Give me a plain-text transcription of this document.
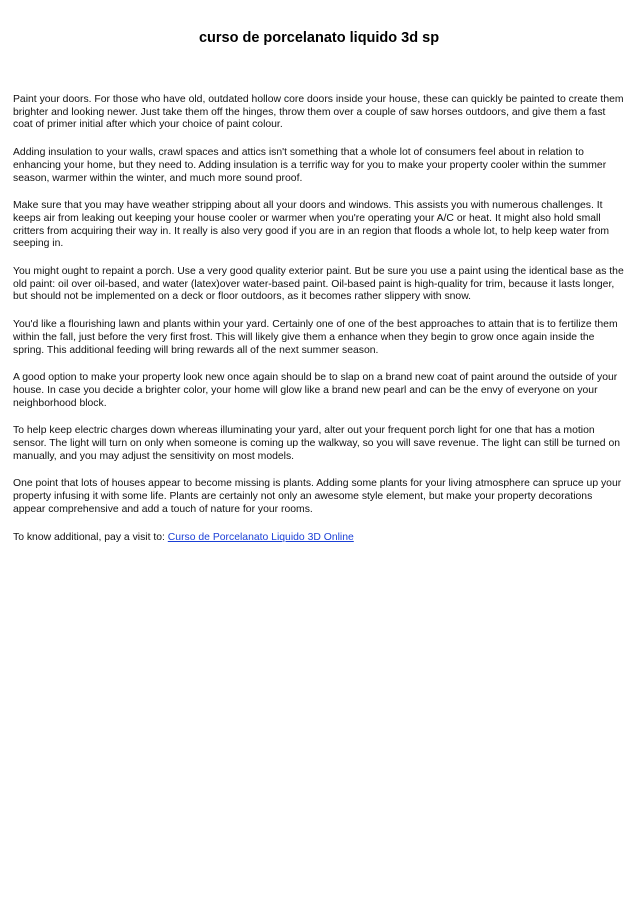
curso de porcelanato liquido 3d sp

Paint your doors. For those who have old, outdated hollow core doors inside your house, these can quickly be painted to create them brighter and looking newer. Just take them off the hinges, throw them over a couple of saw horses outdoors, and give them a fast coat of primer initial after which your choice of paint colour.

Adding insulation to your walls, crawl spaces and attics isn't something that a whole lot of consumers feel about in relation to enhancing your home, but they need to. Adding insulation is a terrific way for you to make your property cooler within the summer season, warmer within the winter, and much more sound proof.

Make sure that you may have weather stripping about all your doors and windows. This assists you with numerous challenges. It keeps air from leaking out keeping your house cooler or warmer when you're operating your A/C or heat. It might also hold small critters from acquiring their way in. It really is also very good if you are in an region that floods a whole lot, to help keep water from seeping in.

You might ought to repaint a porch. Use a very good quality exterior paint. But be sure you use a paint using the identical base as the old paint: oil over oil-based, and water (latex)over water-based paint. Oil-based paint is high-quality for trim, because it lasts longer, but should not be implemented on a deck or floor outdoors, as it becomes rather slippery with snow.

You'd like a flourishing lawn and plants within your yard. Certainly one of one of the best approaches to attain that is to fertilize them within the fall, just before the very first frost. This will likely give them a enhance when they begin to grow once again inside the spring. This additional feeding will bring rewards all of the next summer season.

A good option to make your property look new once again should be to slap on a brand new coat of paint around the outside of your house. In case you decide a brighter color, your home will glow like a brand new pearl and can be the envy of everyone on your neighborhood block.

To help keep electric charges down whereas illuminating your yard, alter out your frequent porch light for one that has a motion sensor. The light will turn on only when someone is coming up the walkway, so you will save revenue. The light can still be turned on manually, and you may adjust the sensitivity on most models.

One point that lots of houses appear to become missing is plants. Adding some plants for your living atmosphere can spruce up your property infusing it with some life. Plants are certainly not only an awesome style element, but make your property decorations appear comprehensive and add a touch of nature for your rooms.

To know additional, pay a visit to: Curso de Porcelanato Liquido 3D Online
